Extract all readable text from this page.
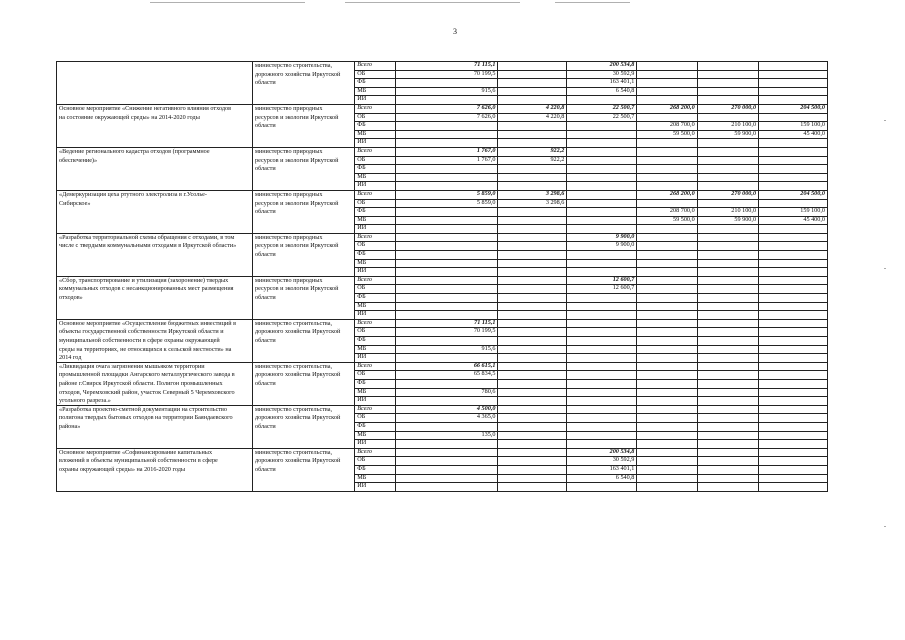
3

	министерство строительства, дорожного хозяйства Иркутской области	Всего	71 115,1		200 534,8			
		ОБ	70 199,5		30 592,9			
		ФБ			163 401,1			
		МБ	915,6		6 540,8			
		ИИ						

Основное мероприятие «Снижение негативного влияния отходов на состояние окружающей среды» на 2014-2020 годы	министерство природных ресурсов и экологии Иркутской области	Всего	7 626,0	4 220,8	22 500,7	268 200,0	270 000,0	204 500,0
		ОБ	7 626,0	4 220,8	22 500,7			
		ФБ				208 700,0	210 100,0	159 100,0
		МБ				59 500,0	59 900,0	45 400,0
		ИИ						

«Ведение регионального кадастра отходов (программное обеспечение)»	министерство природных ресурсов и экологии Иркутской области	Всего	1 767,0	922,2				
		ОБ	1 767,0	922,2				
		ФБ						
		МБ						
		ИИ						

«Демеркуризация цеха ртутного электролиза в г.Усолье-Сибирское»	министерство природных ресурсов и экологии Иркутской области	Всего	5 859,0	3 298,6		268 200,0	270 000,0	204 500,0
		ОБ	5 859,0	3 298,6				
		ФБ				208 700,0	210 100,0	159 100,0
		МБ				59 500,0	59 900,0	45 400,0
		ИИ						

«Разработка территориальной схемы обращения с отходами, в том числе с твердыми коммунальными отходами в Иркутской области»	министерство природных ресурсов и экологии Иркутской области	Всего			9 900,0			
		ОБ			9 900,0			
		ФБ						
		МБ						
		ИИ						

«Сбор, транспортирование и утилизация (захоронение) твердых коммунальных отходов с несанкционированных мест размещения отходов»	министерство природных ресурсов и экологии Иркутской области	Всего			12 600,7			
		ОБ			12 600,7			
		ФБ						
		МБ						
		ИИ						

Основное мероприятие «Осуществление бюджетных инвестиций в объекты государственной собственности Иркутской области и муниципальной собственности в сфере охраны окружающей среды на территориях, не относящихся к сельской местности» на 2014 год	министерство строительства, дорожного хозяйства Иркутской области	Всего	71 115,1					
		ОБ	70 199,5					
		ФБ						
		МБ	915,6					
		ИИ						

«Ликвидация очага загрязнения мышьяком территории промышленной площадки Ангарского металлургического завода в районе г.Свирск Иркутской области. Полигон промышленных отходов, Черемховский район, участок Северный 5 Черемховского угольного разреза.»	министерство строительства, дорожного хозяйства Иркутской области	Всего	66 615,1					
		ОБ	65 834,5					
		ФБ						
		МБ	780,6					
		ИИ						

«Разработка проектно-сметной документации на строительство полигона твердых бытовых отходов на территории Баяндаевского района»	министерство строительства, дорожного хозяйства Иркутской области	Всего	4 500,0					
		ОБ	4 365,0					
		ФБ						
		МБ	135,0					
		ИИ						

Основное мероприятие «Софинансирование капитальных вложений в объекты муниципальной собственности в сфере охраны окружающей среды» на 2016-2020 годы	министерство строительства, дорожного хозяйства Иркутской области	Всего			200 534,8			
		ОБ			30 592,9			
		ФБ			163 401,1			
		МБ			6 540,8			
		ИИ						
